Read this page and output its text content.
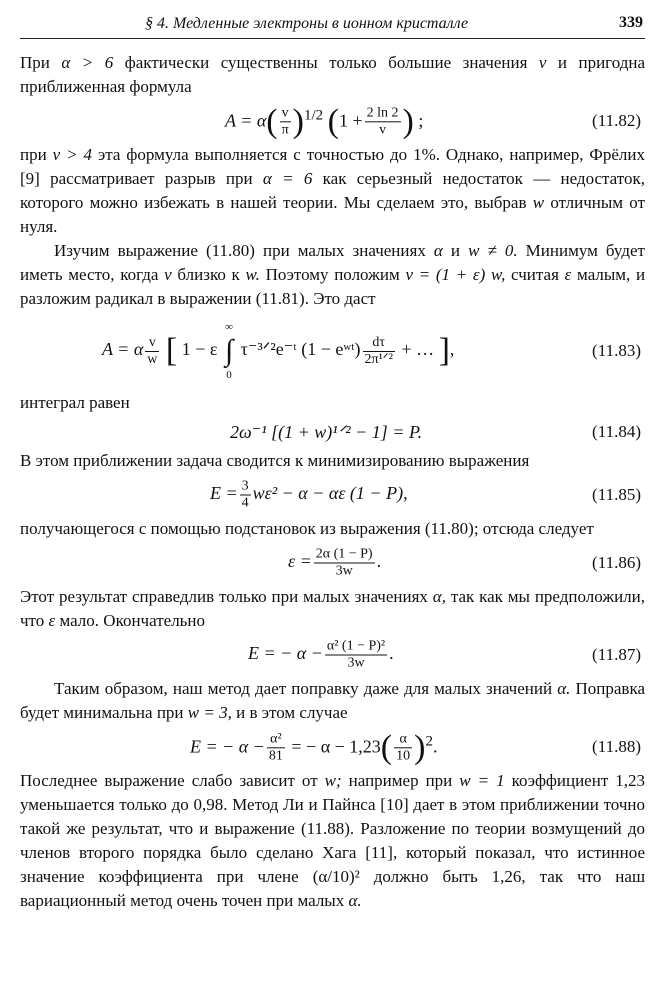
§ 4. Медленные электроны в ионном кристалле	339

При α > 6 фактически существенны только большие значения v и пригодна приближенная формула

$A = \alpha( \frac{v}{\pi} )^{1/2}$ ($1 + \frac{2 \ln 2}{v}$ ) ;	(11.82)

при v > 4 эта формула выполняется с точностью до 1%. Однако, например, Фрёлих [9] рассматривает разрыв при α = 6 как серьезный недостаток — недостаток, которого можно избежать в нашей теории. Мы сделаем это, выбрав w отличным от нуля.

Изучим выражение (11.80) при малых значениях α и w ≠ 0. Минимум будет иметь место, когда v близко к w. Поэтому положим v = (1 + ε) w, считая ε малым, и разложим радикал в выражении (11.81). Это даст

A = α $\frac{v}{w}$ [ 1 − ε
∞
∫
0
τ⁻³ᐟ²e⁻ᵗ (1 − eʷᵗ) $\frac{d\tau}{\text{2π¹ᐟ²}}$ + … ],	(11.83)

интеграл равен

2ω⁻¹ [(1 + w)¹ᐟ² − 1] = P.	(11.84)

В этом приближении задача сводится к минимизированию выражения

$E = \frac{3}{4} w\varepsilon^2 - \alpha - \alpha\varepsilon$ (1 − P),	(11.85)

получающегося с помощью подстановок из выражения (11.80); отсюда следует

$\varepsilon = \frac{2\alpha (1 - P)}{3w}$ .	(11.86)

Этот результат справедлив только при малых значениях α, так как мы предположили, что ε мало. Окончательно

E = − $\alpha - \frac{\text{α² (1 − P)²}}{3w}$ .	(11.87)

Таким образом, наш метод дает поправку даже для малых значений α. Поправка будет минимальна при w = 3, и в этом случае

E = − $\alpha - \frac{\text{α²}}{81}$ = − $\alpha - 1,23( \frac{\alpha}{10} )^2$.	(11.88)

Последнее выражение слабо зависит от w; например при w = 1 коэффициент 1,23 уменьшается только до 0,98. Метод Ли и Пайнса [10] дает в этом приближении точно такой же результат, что и выражение (11.88). Разложение по теории возмущений до членов второго порядка было сделано Хага [11], который показал, что истинное значение коэффициента при члене (α/10)² должно быть 1,26, так что наш вариационный метод очень точен при малых α.
